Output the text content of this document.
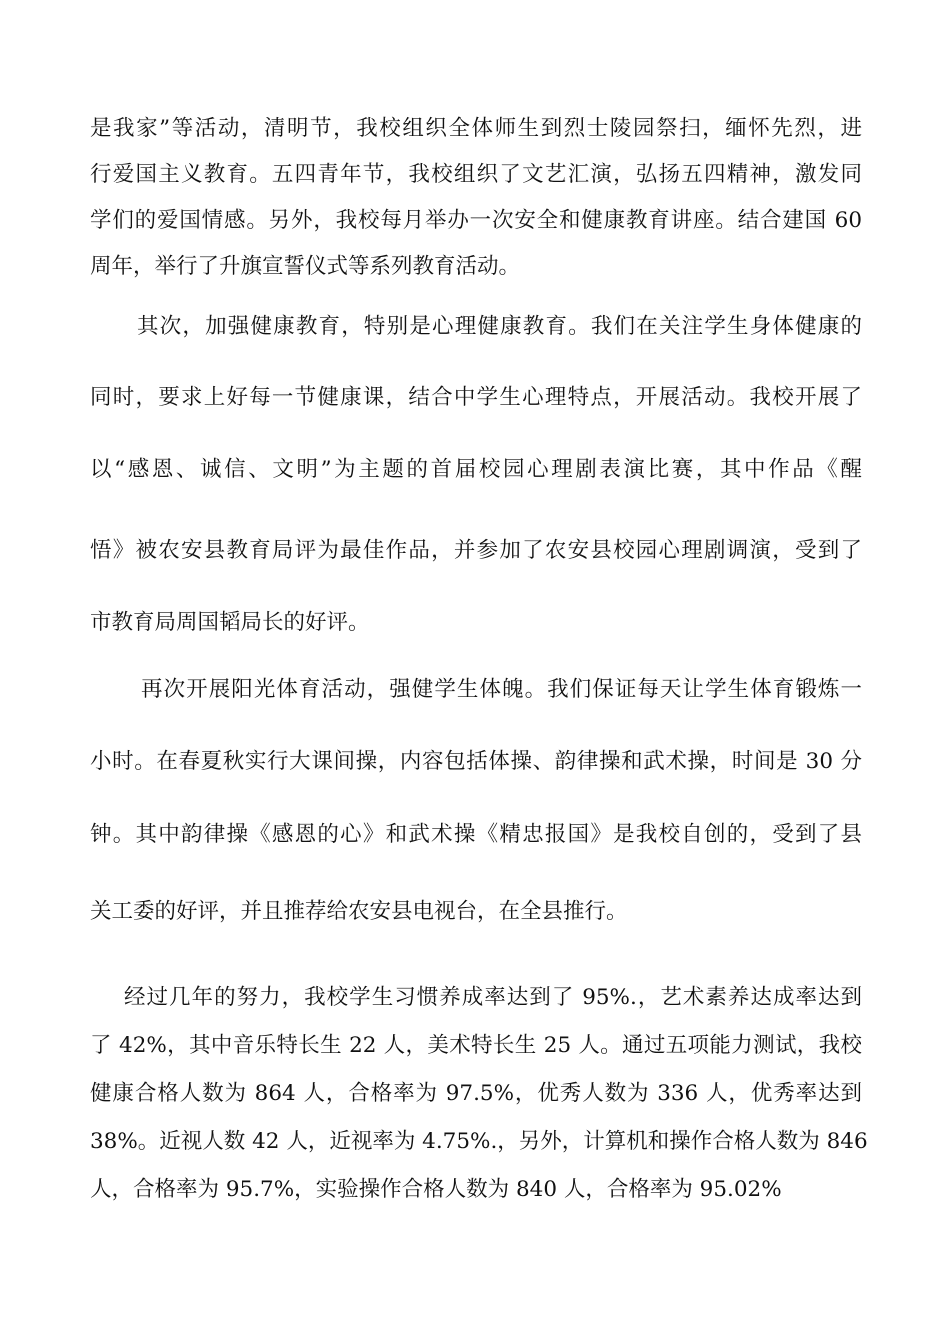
是我家”等活动，清明节，我校组织全体师生到烈士陵园祭扫，缅怀先烈，进
行爱国主义教育。五四青年节，我校组织了文艺汇演，弘扬五四精神，激发同
学们的爱国情感。另外，我校每月举办一次安全和健康教育讲座。结合建国 60
周年，举行了升旗宣誓仪式等系列教育活动。
其次，加强健康教育，特别是心理健康教育。我们在关注学生身体健康的
同时，要求上好每一节健康课，结合中学生心理特点，开展活动。我校开展了
以“感恩、诚信、文明”为主题的首届校园心理剧表演比赛，其中作品《醒
悟》被农安县教育局评为最佳作品，并参加了农安县校园心理剧调演，受到了
市教育局周国韬局长的好评。
再次开展阳光体育活动，强健学生体魄。我们保证每天让学生体育锻炼一
小时。在春夏秋实行大课间操，内容包括体操、韵律操和武术操，时间是 30 分
钟。其中韵律操《感恩的心》和武术操《精忠报国》是我校自创的，受到了县
关工委的好评，并且推荐给农安县电视台，在全县推行。
经过几年的努力，我校学生习惯养成率达到了 95%.，艺术素养达成率达到
了 42%，其中音乐特长生 22 人，美术特长生 25 人。通过五项能力测试，我校
健康合格人数为 864 人，合格率为 97.5%，优秀人数为 336 人，优秀率达到
38%。近视人数 42 人，近视率为 4.75%.，另外，计算机和操作合格人数为 846
人，合格率为 95.7%，实验操作合格人数为 840 人，合格率为 95.02%
